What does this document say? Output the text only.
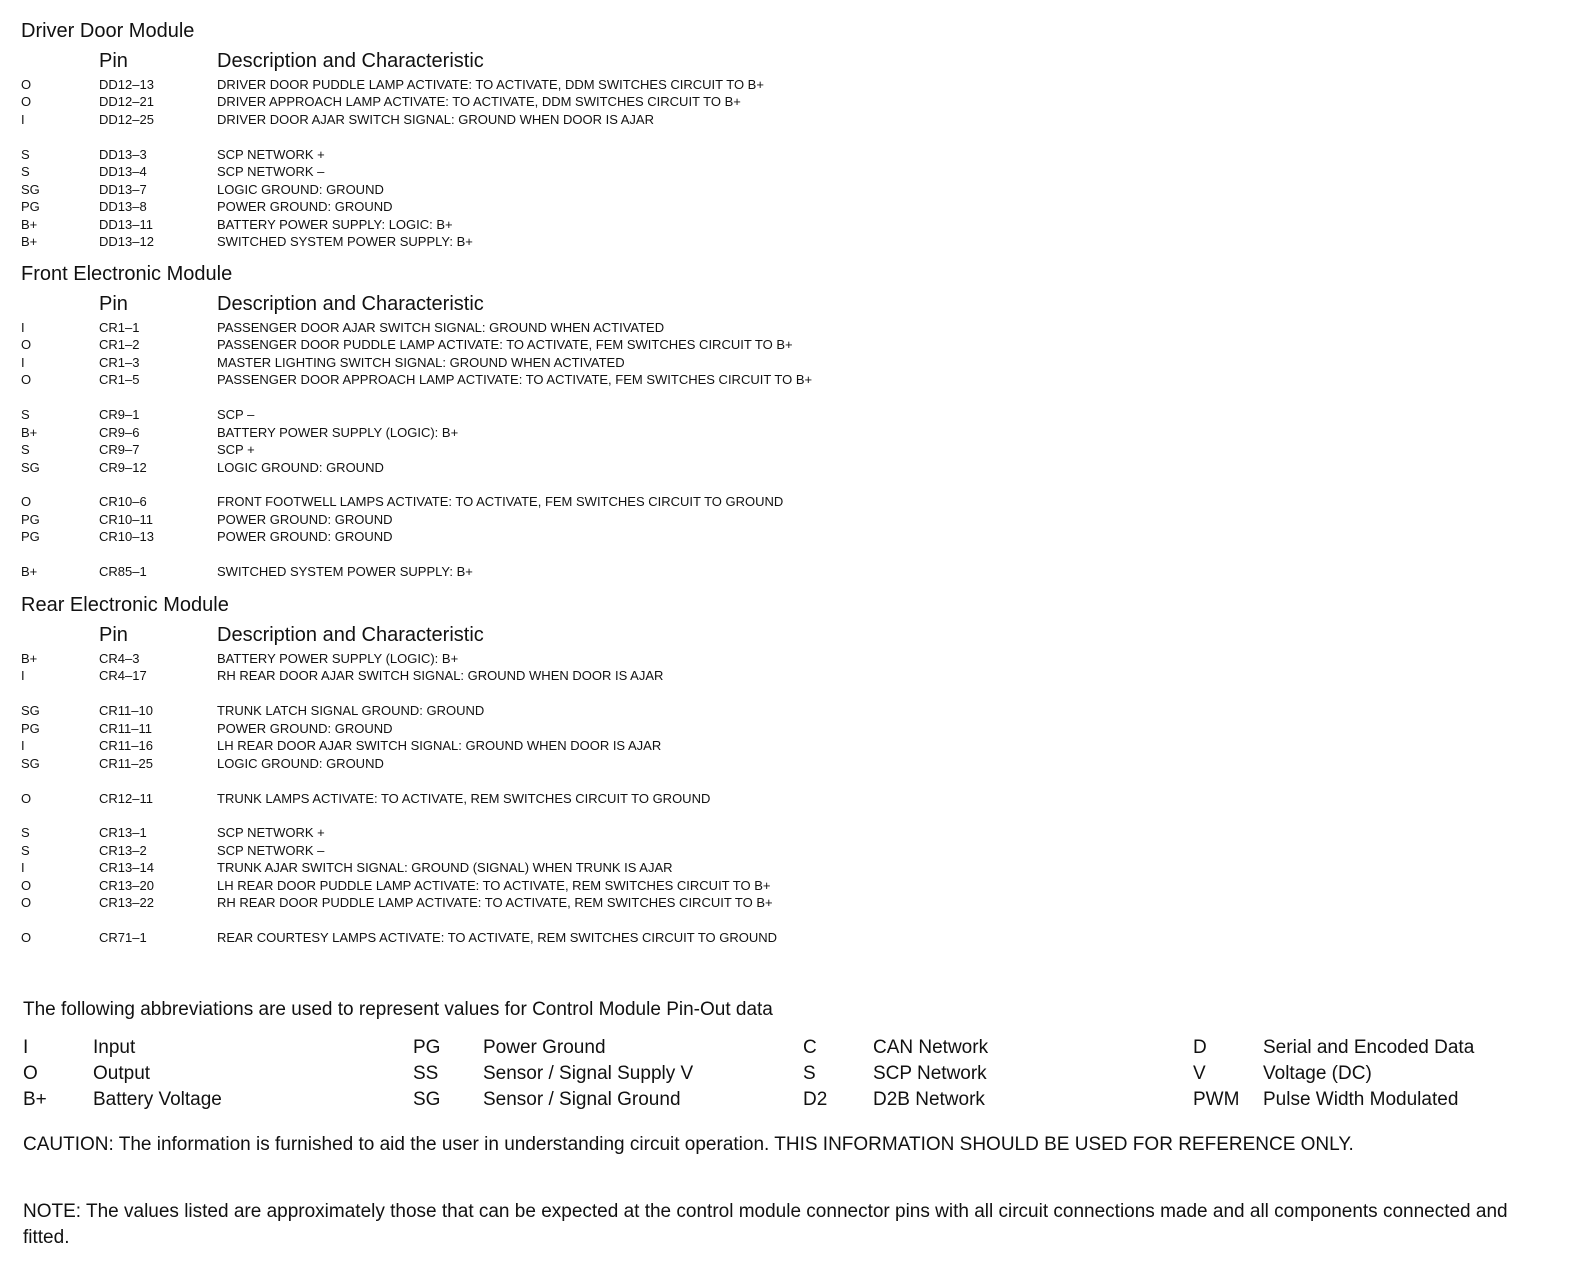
Driver Door Module
Pin	Description and Characteristic
O	DD12–13	DRIVER DOOR PUDDLE LAMP ACTIVATE: TO ACTIVATE, DDM SWITCHES CIRCUIT TO B+
O	DD12–21	DRIVER APPROACH LAMP ACTIVATE: TO ACTIVATE, DDM SWITCHES CIRCUIT TO B+
I	DD12–25	DRIVER DOOR AJAR SWITCH SIGNAL: GROUND WHEN DOOR IS AJAR
S	DD13–3	SCP NETWORK +
S	DD13–4	SCP NETWORK –
SG	DD13–7	LOGIC GROUND: GROUND
PG	DD13–8	POWER GROUND: GROUND
B+	DD13–11	BATTERY POWER SUPPLY: LOGIC: B+
B+	DD13–12	SWITCHED SYSTEM POWER SUPPLY: B+
Front Electronic Module
Pin	Description and Characteristic
I	CR1–1	PASSENGER DOOR AJAR SWITCH SIGNAL: GROUND WHEN ACTIVATED
O	CR1–2	PASSENGER DOOR PUDDLE LAMP ACTIVATE: TO ACTIVATE, FEM SWITCHES CIRCUIT TO B+
I	CR1–3	MASTER LIGHTING SWITCH SIGNAL: GROUND WHEN ACTIVATED
O	CR1–5	PASSENGER DOOR APPROACH LAMP ACTIVATE: TO ACTIVATE, FEM SWITCHES CIRCUIT TO B+
S	CR9–1	SCP –
B+	CR9–6	BATTERY POWER SUPPLY (LOGIC): B+
S	CR9–7	SCP +
SG	CR9–12	LOGIC GROUND: GROUND
O	CR10–6	FRONT FOOTWELL LAMPS ACTIVATE: TO ACTIVATE, FEM SWITCHES CIRCUIT TO GROUND
PG	CR10–11	POWER GROUND: GROUND
PG	CR10–13	POWER GROUND: GROUND
B+	CR85–1	SWITCHED SYSTEM POWER SUPPLY: B+
Rear Electronic Module
Pin	Description and Characteristic
B+	CR4–3	BATTERY POWER SUPPLY (LOGIC): B+
I	CR4–17	RH REAR DOOR AJAR SWITCH SIGNAL: GROUND WHEN DOOR IS AJAR
SG	CR11–10	TRUNK LATCH SIGNAL GROUND: GROUND
PG	CR11–11	POWER GROUND: GROUND
I	CR11–16	LH REAR DOOR AJAR SWITCH SIGNAL: GROUND WHEN DOOR IS AJAR
SG	CR11–25	LOGIC GROUND: GROUND
O	CR12–11	TRUNK LAMPS ACTIVATE: TO ACTIVATE, REM SWITCHES CIRCUIT TO GROUND
S	CR13–1	SCP NETWORK +
S	CR13–2	SCP NETWORK –
I	CR13–14	TRUNK AJAR SWITCH SIGNAL: GROUND (SIGNAL) WHEN TRUNK IS AJAR
O	CR13–20	LH REAR DOOR PUDDLE LAMP ACTIVATE: TO ACTIVATE, REM SWITCHES CIRCUIT TO B+
O	CR13–22	RH REAR DOOR PUDDLE LAMP ACTIVATE: TO ACTIVATE, REM SWITCHES CIRCUIT TO B+
O	CR71–1	REAR COURTESY LAMPS ACTIVATE: TO ACTIVATE, REM SWITCHES CIRCUIT TO GROUND
The following abbreviations are used to represent values for Control Module Pin-Out data
I	Input	PG Power Ground	C	CAN Network	D	Serial and Encoded Data
O	Output	SS Sensor / Signal Supply V	S	SCP Network	V	Voltage (DC)
B+ Battery Voltage	SG Sensor / Signal Ground	D2 D2B Network	PWM Pulse Width Modulated
CAUTION: The information is furnished to aid the user in understanding circuit operation. THIS INFORMATION SHOULD BE USED FOR REFERENCE ONLY.
NOTE: The values listed are approximately those that can be expected at the control module connector pins with all circuit connections made and all components connected and fitted.
